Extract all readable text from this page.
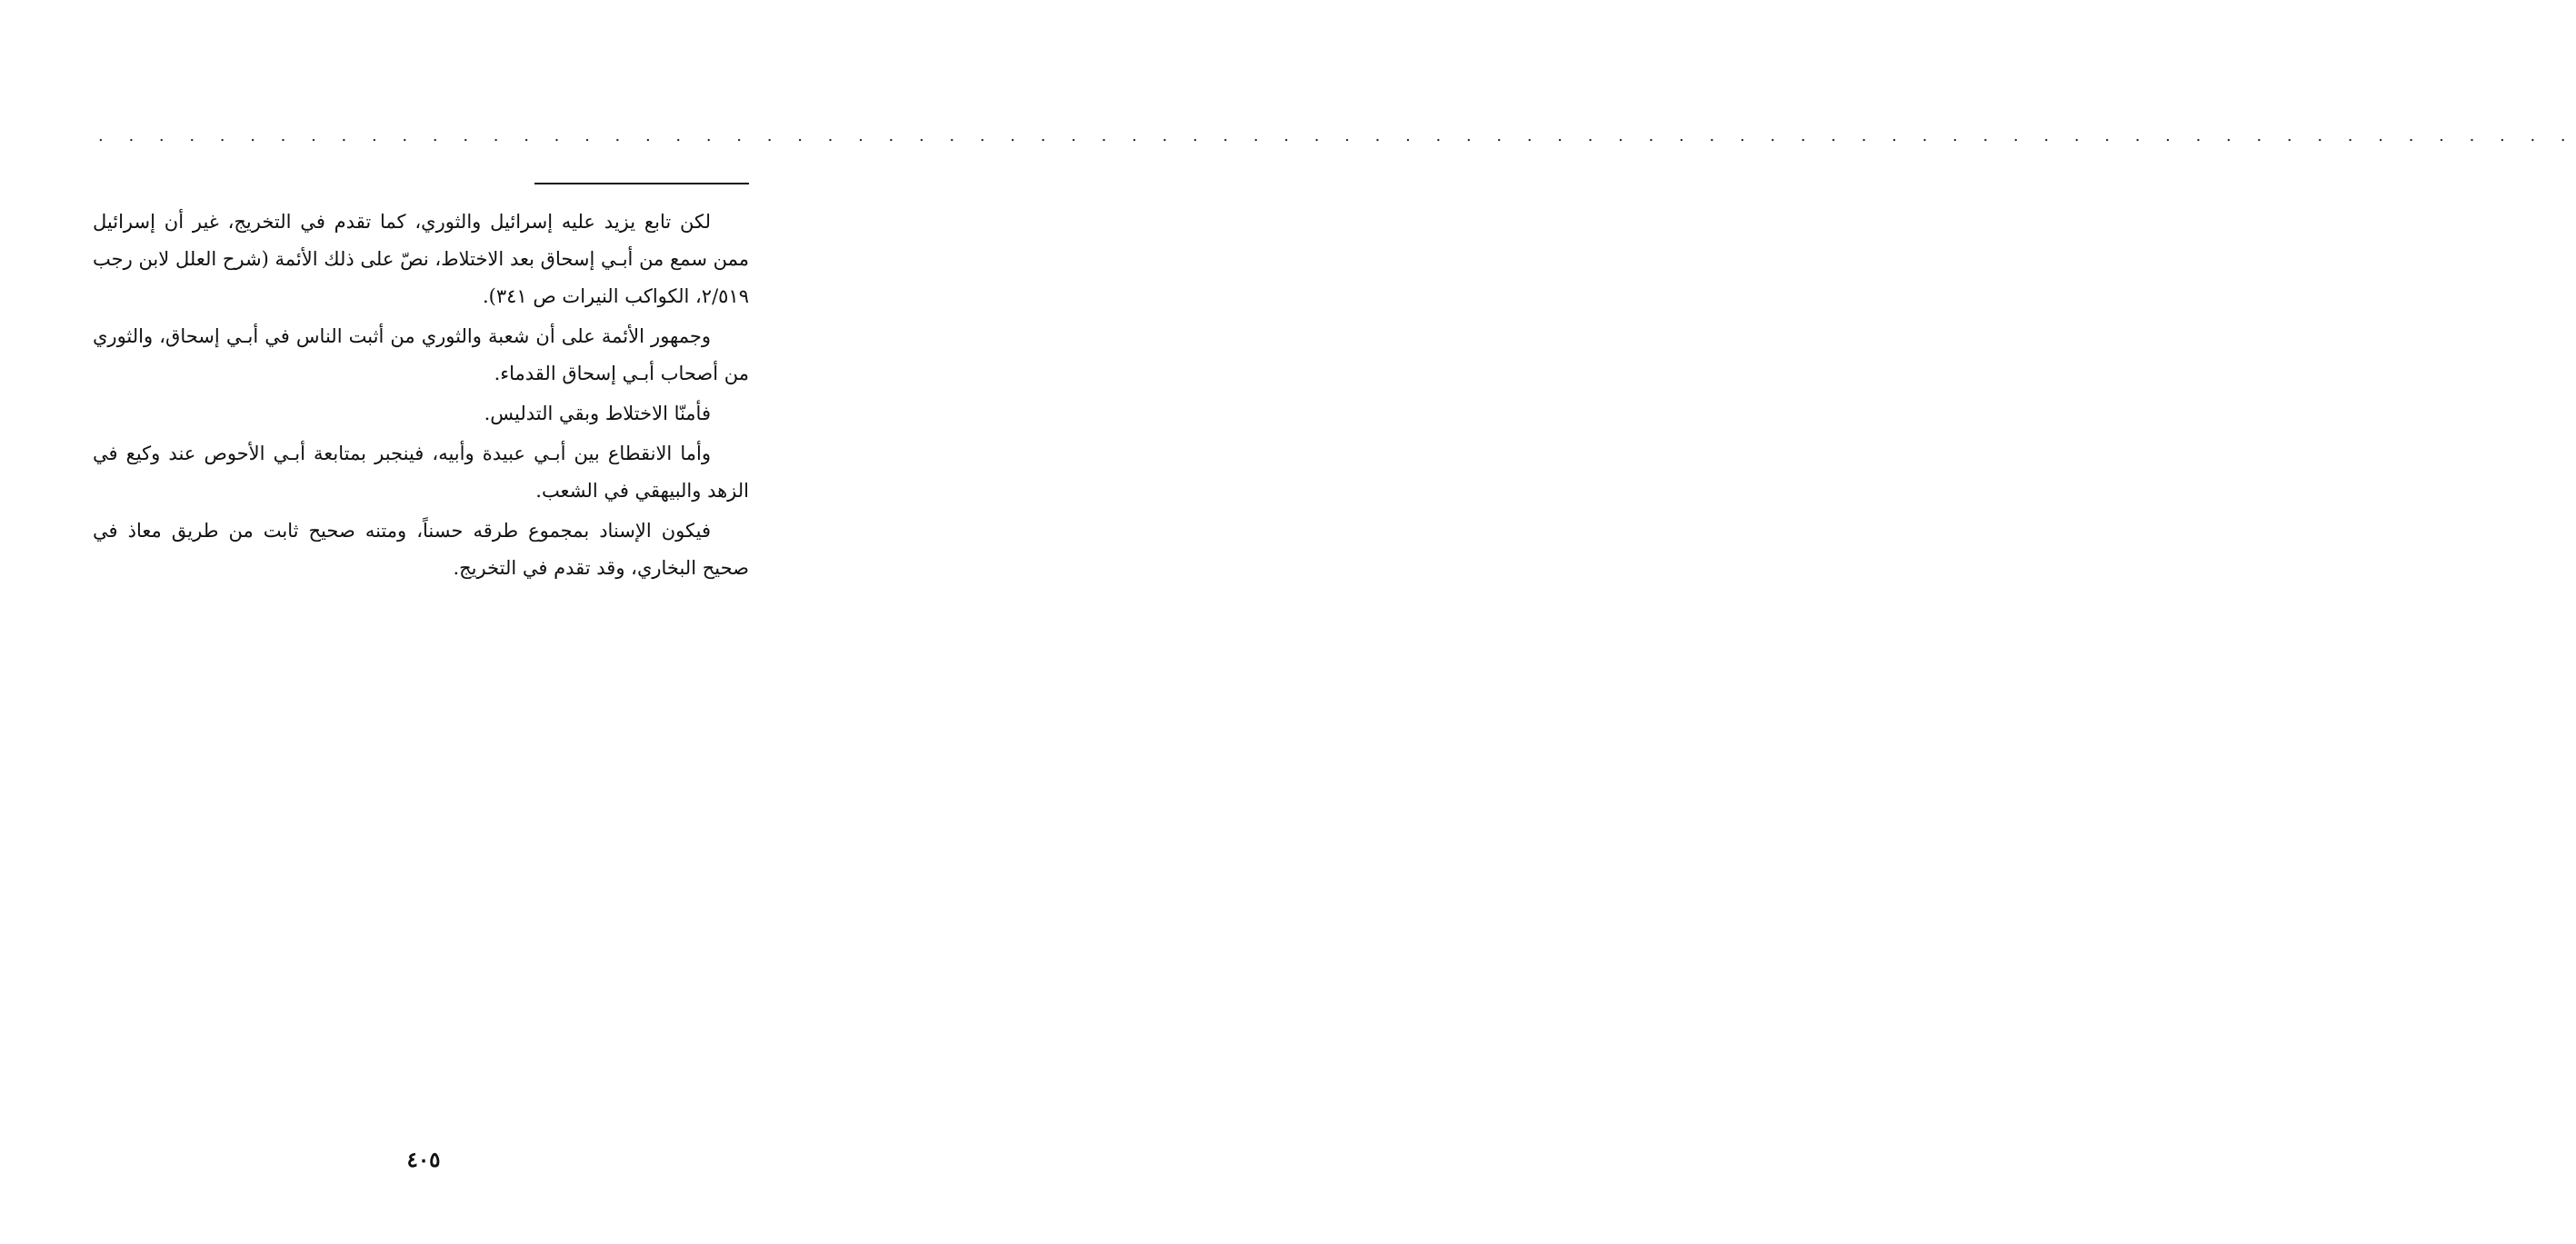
. . . . . . . . . . . . . . . . . . . . . . . . . . . . . . . . . . . . . . . . . . . . . . . . . . . . . . . . . . . . . . . . . . . . . . . . . . . . . . . . . .

لكن تابع يزيد عليه إسرائيل والثوري، كما تقدم في التخريج، غير أن إسرائيل ممن سمع من أبـي إسحاق بعد الاختلاط، نصّ على ذلك الأئمة (شرح العلل لابن رجب ٢/٥١٩، الكواكب النيرات ص ٣٤١).

وجمهور الأئمة على أن شعبة والثوري من أثبت الناس في أبـي إسحاق، والثوري من أصحاب أبـي إسحاق القدماء.

فأمنّا الاختلاط وبقي التدليس.

وأما الانقطاع بين أبـي عبيدة وأبيه، فينجبر بمتابعة أبـي الأحوص عند وكيع في الزهد والبيهقي في الشعب.

فيكون الإسناد بمجموع طرقه حسناً، ومتنه صحيح ثابت من طريق معاذ في صحيح البخاري، وقد تقدم في التخريج.

٤٠٥
